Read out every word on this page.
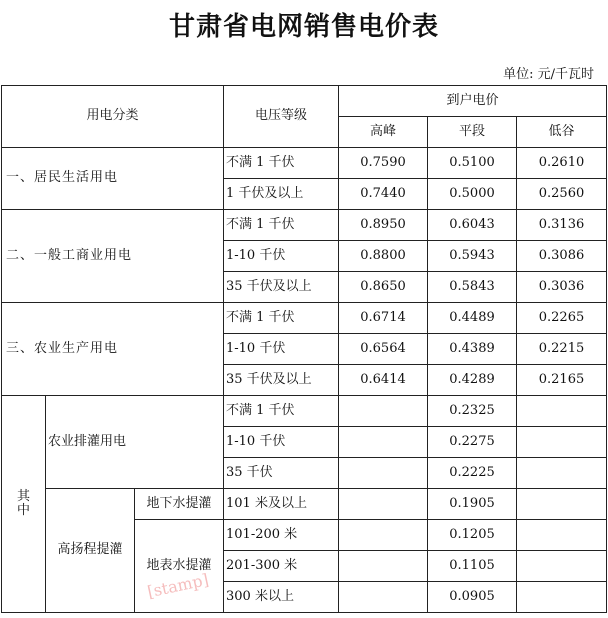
甘肃省电网销售电价表
单位: 元/千瓦时
用电分类			电压等级	到户电价		
				高峰	平段	低谷
一、居民生活用电			不满 1 千伏	0.7590	0.5100	0.2610
			1 千伏及以上	0.7440	0.5000	0.2560
二、一般工商业用电			不满 1 千伏	0.8950	0.6043	0.3136
			1-10 千伏	0.8800	0.5943	0.3086
			35 千伏及以上	0.8650	0.5843	0.3036
三、农业生产用电			不满 1 千伏	0.6714	0.4489	0.2265
			1-10 千伏	0.6564	0.4389	0.2215
			35 千伏及以上	0.6414	0.4289	0.2165
其
中	农业排灌用电		不满 1 千伏		0.2325	
			1-10 千伏		0.2275	
			35 千伏		0.2225	
	高扬程提灌	地下水提灌	101 米及以上		0.1905	
		地表水提灌	101-200 米		0.1205	
			201-300 米		0.1105	
			300 米以上		0.0905	
[stamp]
